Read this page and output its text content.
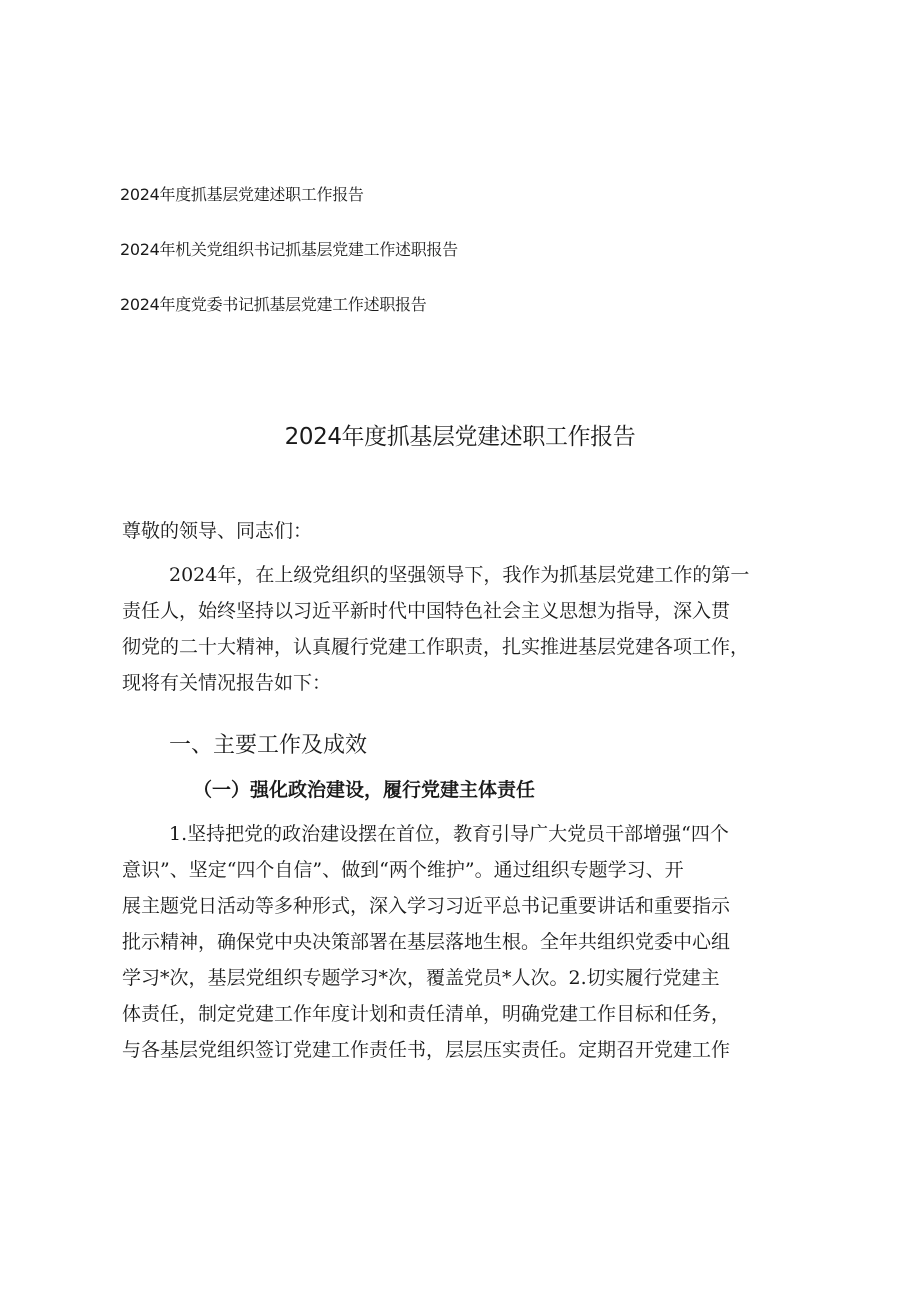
2024年度抓基层党建述职工作报告
2024年机关党组织书记抓基层党建工作述职报告
2024年度党委书记抓基层党建工作述职报告
2024年度抓基层党建述职工作报告
尊敬的领导、同志们：
2024年，在上级党组织的坚强领导下，我作为抓基层党建工作的第一
责任人，始终坚持以习近平新时代中国特色社会主义思想为指导，深入贯
彻党的二十大精神，认真履行党建工作职责，扎实推进基层党建各项工作，
现将有关情况报告如下：
一、主要工作及成效
（一）强化政治建设，履行党建主体责任
1.坚持把党的政治建设摆在首位，教育引导广大党员干部增强“四个
意识”、坚定“四个自信”、做到“两个维护”。通过组织专题学习、开
展主题党日活动等多种形式，深入学习习近平总书记重要讲话和重要指示
批示精神，确保党中央决策部署在基层落地生根。全年共组织党委中心组
学习*次，基层党组织专题学习*次，覆盖党员*人次。2.切实履行党建主
体责任，制定党建工作年度计划和责任清单，明确党建工作目标和任务，
与各基层党组织签订党建工作责任书，层层压实责任。定期召开党建工作
